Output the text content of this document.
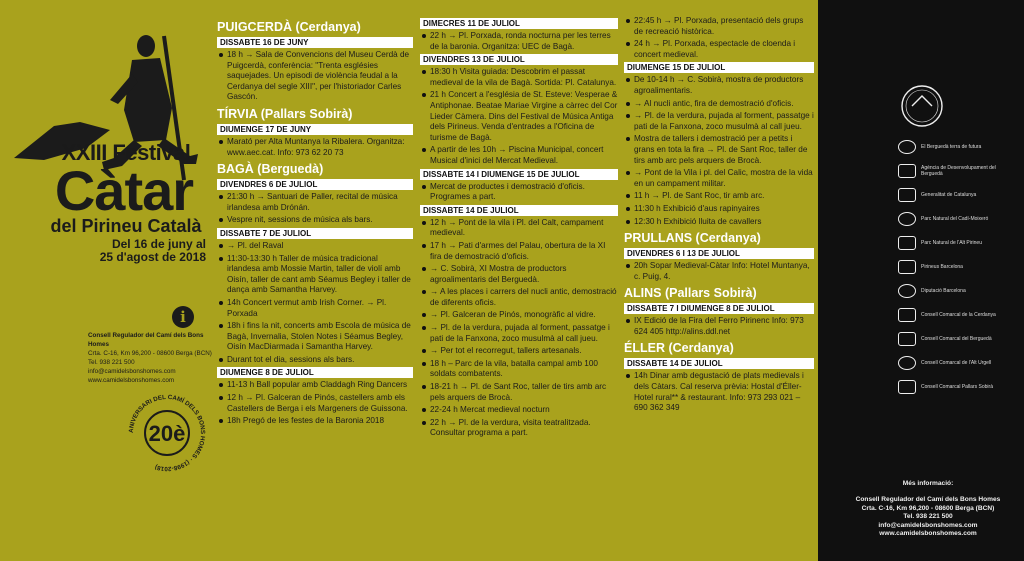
XXIII Festival
Càtar
del Pirineu Català
Del 16 de juny al
25 d'agost de 2018
i
Consell Regulador del Camí dels Bons Homes
Crta. C-16, Km 96,200 - 08600 Berga (BCN)
Tel. 938 221 500
info@camidelsbonshomes.com
www.camidelsbonshomes.com
ANIVERSARI DEL CAMÍ DELS BONS HOMES · (1998-2018)
20è
PUIGCERDÀ (Cerdanya)
DISSABTE 16 DE JUNY
18 h → Sala de Convencions del Museu Cerdà de Puigcerdà, conferència: "Trenta esglésies saquejades. Un episodi de violència feudal a la Cerdanya del segle XIII", per l'historiador Carles Gascón.
TÍRVIA (Pallars Sobirà)
DIUMENGE 17 DE JUNY
Marató per Alta Muntanya la Ribalera. Organitza: www.aec.cat. Info: 973 62 20 73
BAGÀ (Berguedà)
DIVENDRES 6 DE JULIOL
21:30 h → Santuari de Paller, recital de música irlandesa amb Drónán.
Vespre nit, sessions de música als bars.
DISSABTE 7 DE JULIOL
→ Pl. del Raval
11:30-13:30 h Taller de música tradicional irlandesa amb Mossie Martin, taller de violí amb Oisín, taller de cant amb Séamus Begley i taller de dança amb Samantha Harvey.
14h Concert vermut amb Irish Corner. → Pl. Porxada
18h i fins la nit, concerts amb Escola de música de Bagà, Invernalia, Stolen Notes i Séamus Begley, Oisín MacDiarmada i Samantha Harvey.
Durant tot el dia, sessions als bars.
DIUMENGE 8 DE JULIOL
11-13 h Ball popular amb Claddagh Ring Dancers
12 h → Pl. Galceran de Pinós, castellers amb els Castellers de Berga i els Margeners de Guissona.
18h Pregó de les festes de la Baronia 2018
DIMECRES 11 DE JULIOL
22 h → Pl. Porxada, ronda nocturna per les terres de la baronia. Organitza: UEC de Bagà.
DIVENDRES 13 DE JULIOL
18:30 h Visita guiada: Descobrim el passat medieval de la vila de Bagà. Sortida: Pl. Catalunya.
21 h Concert a l'església de St. Esteve: Vesperae & Antiphonae. Beatae Mariae Virgine a càrrec del Cor Lieder Càmera. Dins del Festival de Música Antiga dels Pirineus. Venda d'entrades a l'Oficina de turisme de Bagà.
A partir de les 10h → Piscina Municipal, concert Musical d'inici del Mercat Medieval.
DISSABTE 14 I DIUMENGE 15 DE JULIOL
Mercat de productes i demostració d'oficis. Programes a part.
DISSABTE 14 DE JULIOL
12 h → Pont de la vila i Pl. del Calt, campament medieval.
17 h → Pati d'armes del Palau, obertura de la XI fira de demostració d'oficis.
→ C. Sobirà, XI Mostra de productors agroalimentaris del Berguedà.
→ A les places i carrers del nucli antic, demostració de diferents oficis.
→ Pl. Galceran de Pinós, monogràfic al vidre.
→ Pl. de la verdura, pujada al forment, passatge i pati de la Fanxona, zoco musulmà al call jueu.
→ Per tot el recorregut, tallers artesanals.
18 h – Parc de la vila, batalla campal amb 100 soldats combatents.
18-21 h → Pl. de Sant Roc, taller de tirs amb arc pels arquers de Brocà.
22-24 h Mercat medieval nocturn
22 h → Pl. de la verdura, visita teatralitzada. Consultar programa a part.
22:45 h → Pl. Porxada, presentació dels grups de recreació històrica.
24 h → Pl. Porxada, espectacle de cloenda i concert medieval.
DIUMENGE 15 DE JULIOL
De 10-14 h → C. Sobirà, mostra de productors agroalimentaris.
→ Al nucli antic, fira de demostració d'oficis.
→ Pl. de la verdura, pujada al forment, passatge i pati de la Fanxona, zoco musulmà al call jueu.
Mostra de tallers i demostració per a petits i grans en tota la fira → Pl. de Sant Roc, taller de tirs amb arc pels arquers de Brocà.
→ Pont de la Vila i pl. del Calic, mostra de la vida en un campament militar.
11 h → Pl. de Sant Roc, tir amb arc.
11:30 h Exhibició d'aus rapinyaires
12:30 h Exhibició lluita de cavallers
PRULLANS (Cerdanya)
DIVENDRES 6 I 13 DE JULIOL
20h Sopar Medieval-Càtar Info: Hotel Muntanya, c. Puig, 4.
ALINS (Pallars Sobirà)
DISSABTE 7 I DIUMENGE 8 DE JULIOL
IX Edició de la Fira del Ferro Pirinenc Info: 973 624 405 http://alins.ddl.net
ÉLLER (Cerdanya)
DISSABTE 14 DE JULIOL
14h Dinar amb degustació de plats medievals i dels Càtars. Cal reserva prèvia: Hostal d'Éller-Hotel rural** & restaurant. Info: 973 293 021 – 690 362 349
El Berguedà terra de futura
Agència de Desenvolupament del Berguedà
Generalitat de Catalunya
Parc Natural del Cadí-Moixeró
Parc Natural de l'Alt Pirineu
Pirineus Barcelona
Diputació Barcelona
Consell Comarcal de la Cerdanya
Consell Comarcal del Berguedà
Consell Comarcal de l'Alt Urgell
Consell Comarcal Pallars Sobirà
Més informació:
Consell Regulador del Camí dels Bons Homes
Crta. C-16, Km 96,200 - 08600 Berga (BCN)
Tel. 938 221 500
info@camidelsbonshomes.com
www.camidelsbonshomes.com
